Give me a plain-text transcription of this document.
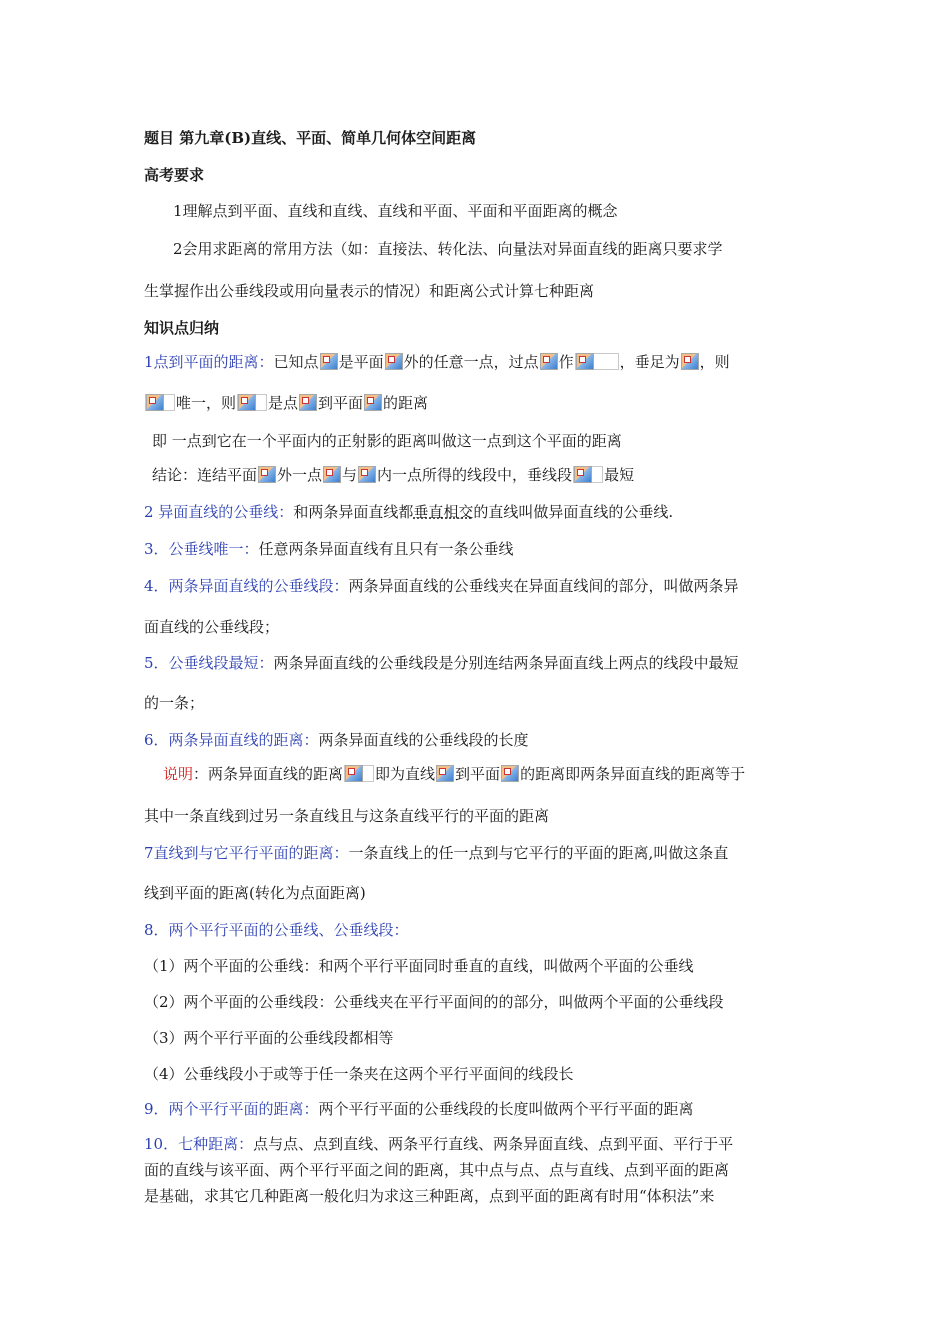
题目 第九章(B)直线、平面、简单几何体空间距离
高考要求
1理解点到平面、直线和直线、直线和平面、平面和平面距离的概念
2会用求距离的常用方法（如：直接法、转化法、向量法对异面直线的距离只要求学
生掌握作出公垂线段或用向量表示的情况）和距离公式计算七种距离
知识点归纳
1点到平面的距离：已知点 是平面 外的任意一点，过点 作	，垂足为 ，则
唯一，则 是点 到平面 的距离
即 一点到它在一个平面内的正射影的距离叫做这一点到这个平面的距离
结论：连结平面 外一点 与 内一点所得的线段中，垂线段 最短
2 异面直线的公垂线：和两条异面直线都垂直相交的直线叫做异面直线的公垂线.
3．公垂线唯一：任意两条异面直线有且只有一条公垂线
4．两条异面直线的公垂线段：两条异面直线的公垂线夹在异面直线间的部分，叫做两条异
面直线的公垂线段；
5．公垂线段最短：两条异面直线的公垂线段是分别连结两条异面直线上两点的线段中最短
的一条；
6．两条异面直线的距离：两条异面直线的公垂线段的长度
说明：两条异面直线的距离 即为直线 到平面 的距离即两条异面直线的距离等于
其中一条直线到过另一条直线且与这条直线平行的平面的距离
7直线到与它平行平面的距离：一条直线上的任一点到与它平行的平面的距离,叫做这条直
线到平面的距离(转化为点面距离)
8．两个平行平面的公垂线、公垂线段：
（1）两个平面的公垂线：和两个平行平面同时垂直的直线，叫做两个平面的公垂线
（2）两个平面的公垂线段：公垂线夹在平行平面间的的部分，叫做两个平面的公垂线段
（3）两个平行平面的公垂线段都相等
（4）公垂线段小于或等于任一条夹在这两个平行平面间的线段长
9．两个平行平面的距离：两个平行平面的公垂线段的长度叫做两个平行平面的距离
10．七种距离：点与点、点到直线、两条平行直线、两条异面直线、点到平面、平行于平
面的直线与该平面、两个平行平面之间的距离，其中点与点、点与直线、点到平面的距离
是基础，求其它几种距离一般化归为求这三种距离，点到平面的距离有时用“体积法”来
